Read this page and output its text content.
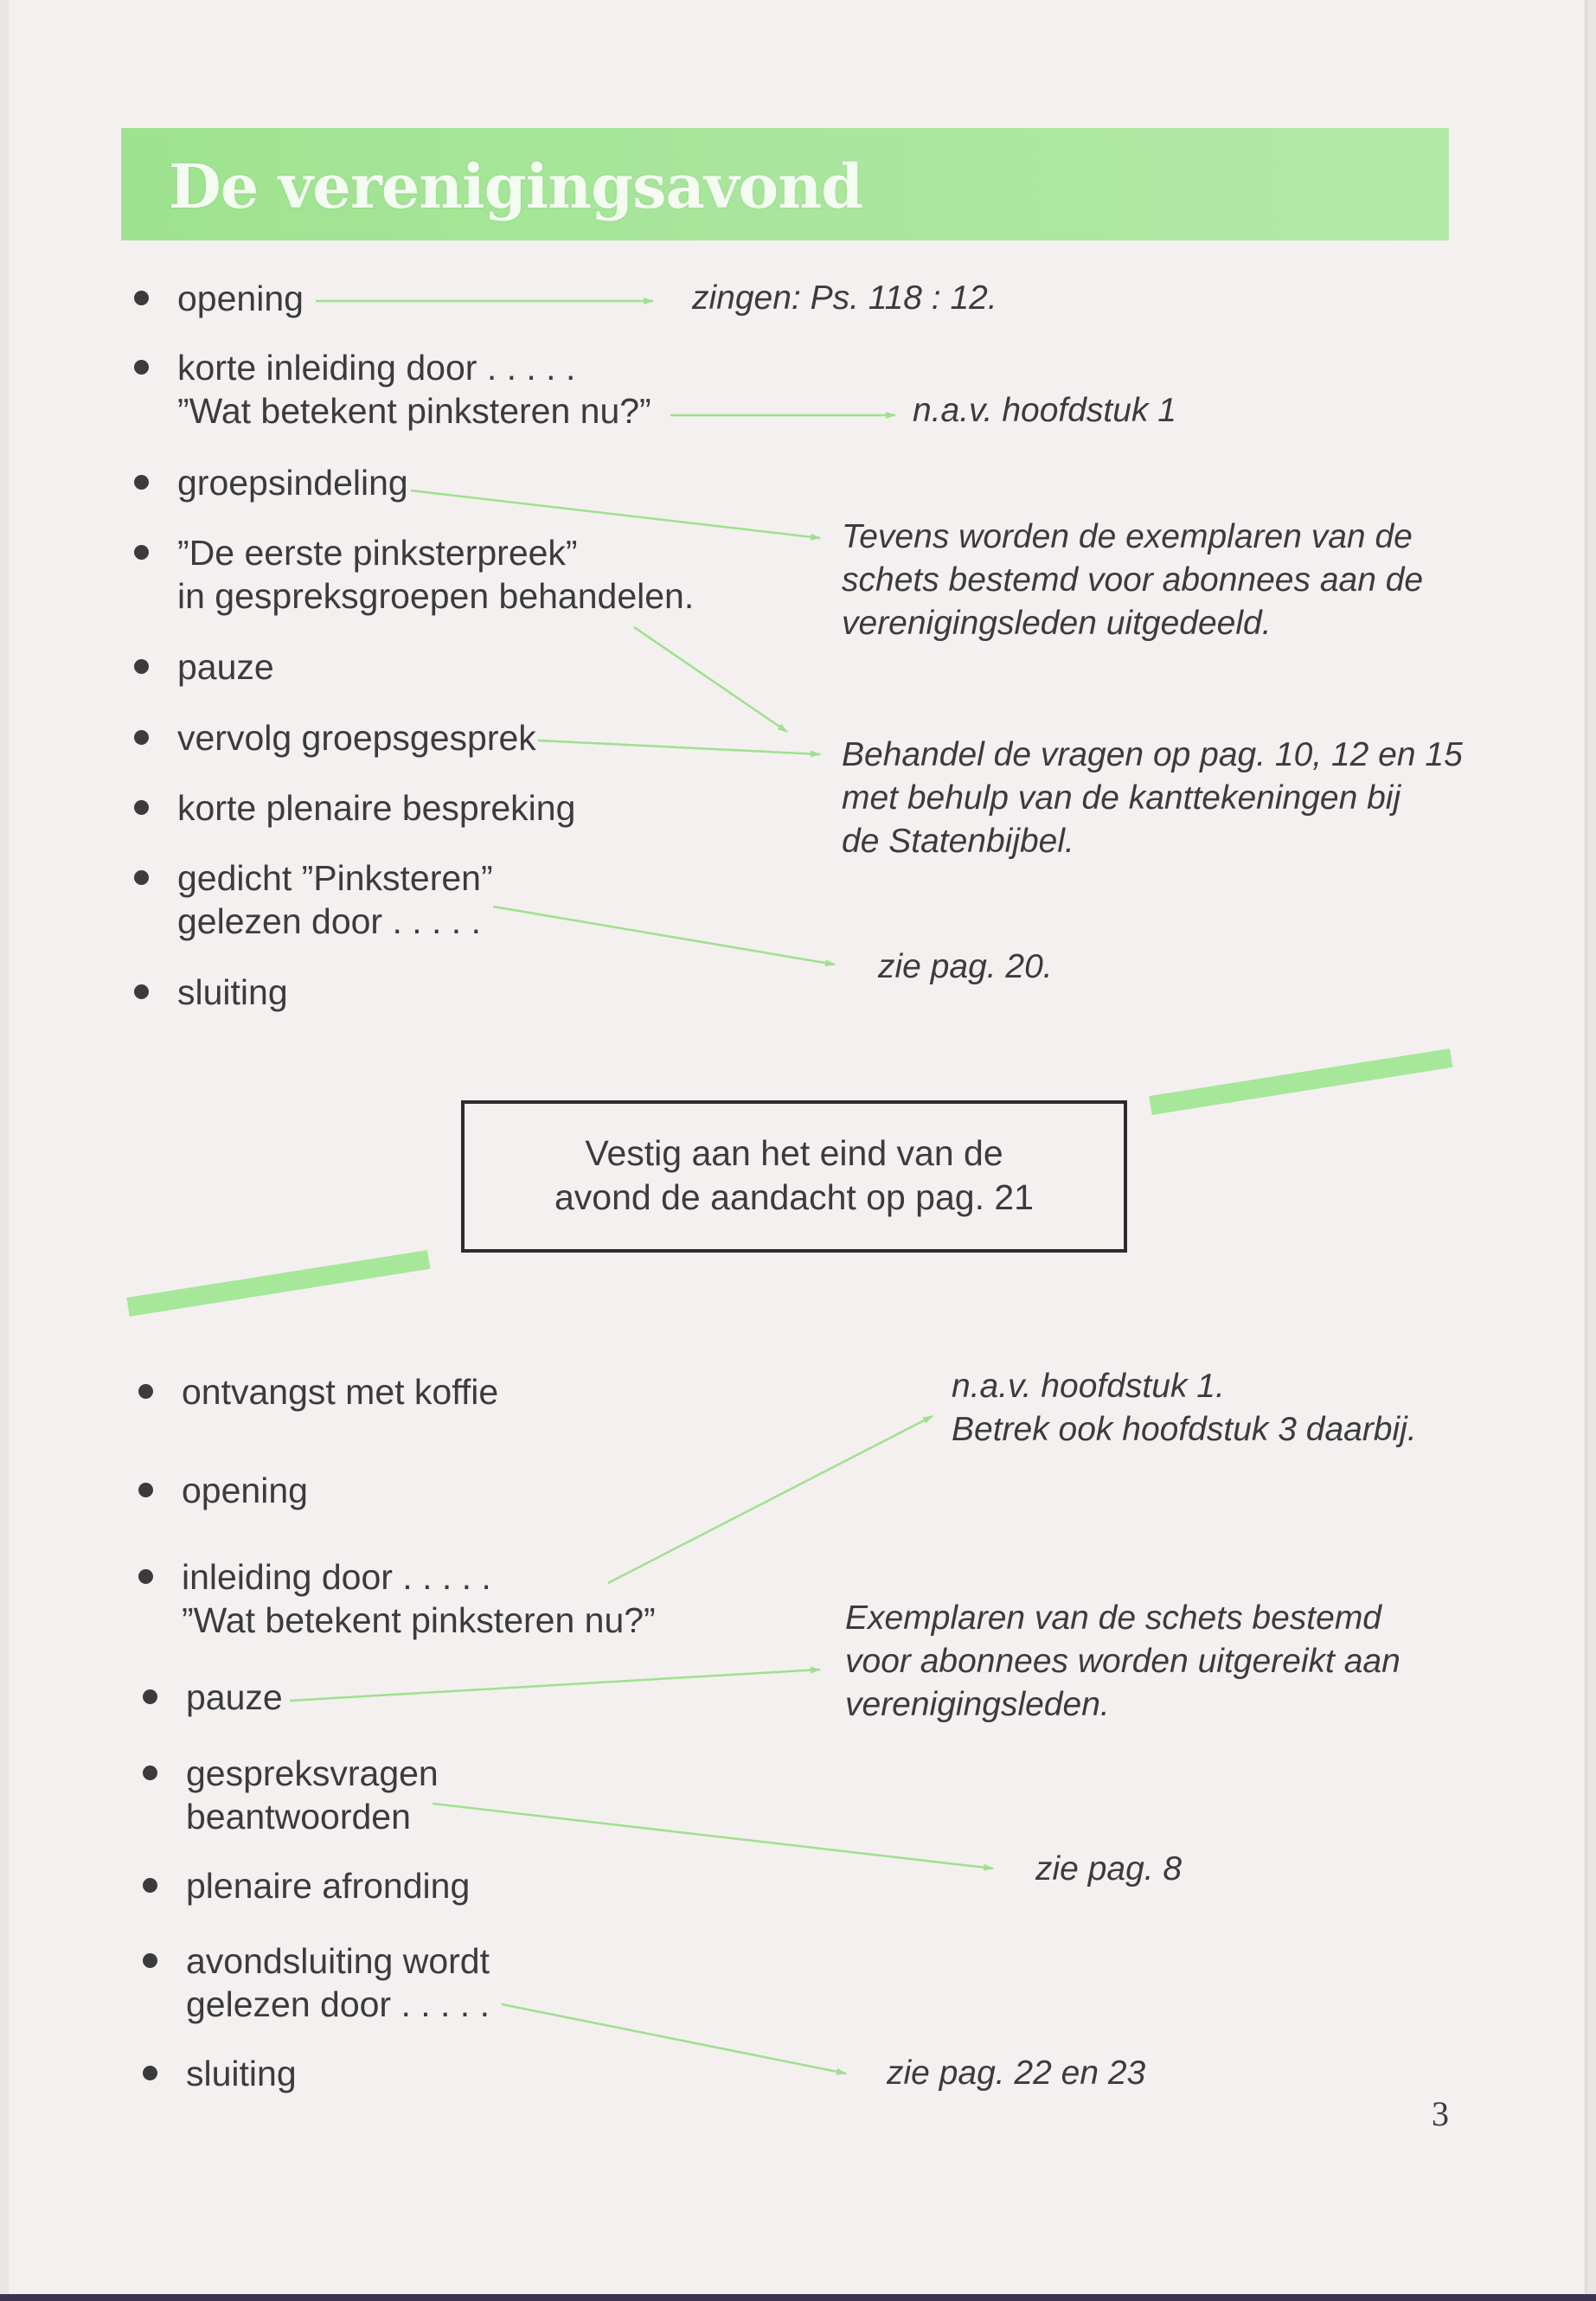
De verenigingsavond
opening
korte inleiding door . . . . .
”Wat betekent pinksteren nu?”
groepsindeling
”De eerste pinksterpreek”
in gespreksgroepen behandelen.
pauze
vervolg groepsgesprek
korte plenaire bespreking
gedicht ”Pinksteren”
gelezen door . . . . .
sluiting
zingen: Ps. 118 : 12.
n.a.v. hoofdstuk 1
Tevens worden de exemplaren van de
schets bestemd voor abonnees aan de
verenigingsleden uitgedeeld.
Behandel de vragen op pag. 10, 12 en 15
met behulp van de kanttekeningen bij
de Statenbijbel.
zie pag. 20.
Vestig aan het eind van de
avond de aandacht op pag. 21
ontvangst met koffie
opening
inleiding door . . . . .
”Wat betekent pinksteren nu?”
pauze
gespreksvragen
beantwoorden
plenaire afronding
avondsluiting wordt
gelezen door . . . . .
sluiting
n.a.v. hoofdstuk 1.
Betrek ook hoofdstuk 3 daarbij.
Exemplaren van de schets bestemd
voor abonnees worden uitgereikt aan
verenigingsleden.
zie pag. 8
zie pag. 22 en 23
3
